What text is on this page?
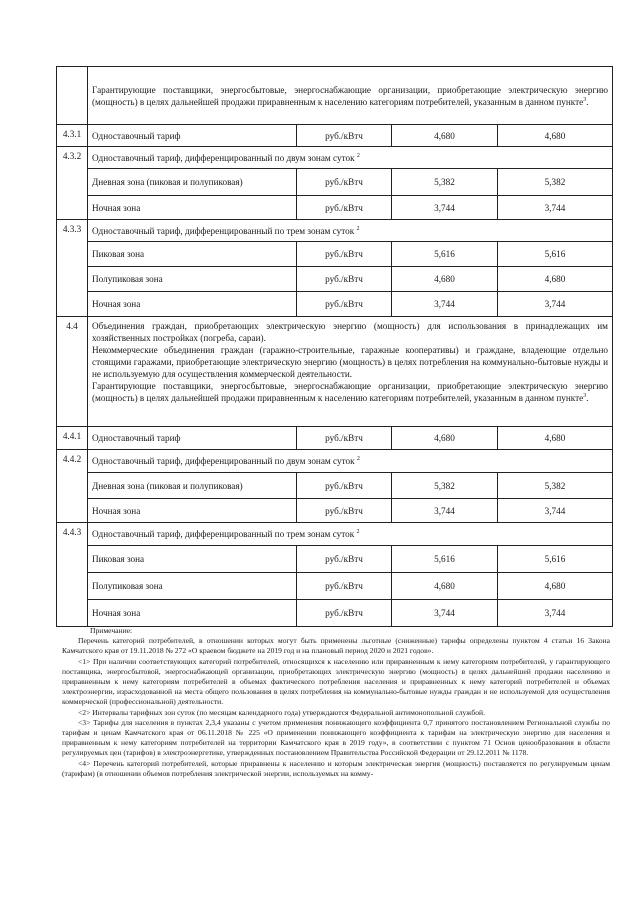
	Гарантирующие поставщики, энергосбытовые, энергоснабжающие организации, приобретающие электрическую энергию (мощность) в целях дальнейшей продажи приравненным к населению категориям потребителей, указанным в данном пункте$^3$.			
4.3.1	Одноставочный тариф	руб./кВтч	4,680	4,680
4.3.2	Одноставочный тариф, дифференцированный по двум зонам суток $^2$
	Дневная зона (пиковая и полупиковая)	руб./кВтч	5,382	5,382
	Ночная зона	руб./кВтч	3,744	3,744
4.3.3	Одноставочный тариф, дифференцированный по трем зонам суток $^2$
	Пиковая зона	руб./кВтч	5,616	5,616
	Полупиковая зона	руб./кВтч	4,680	4,680
	Ночная зона	руб./кВтч	3,744	3,744
4.4	Объединения граждан, приобретающих электрическую энергию (мощность) для использования в принадлежащих им хозяйственных постройках (погреба, сараи).
Некоммерческие объединения граждан (гаражно-строительные, гаражные кооперативы) и граждане, владеющие отдельно стоящими гаражами, приобретающие электрическую энергию (мощность) в целях потребления на коммунально-бытовые нужды и не используемую для осуществления коммерческой деятельности.
Гарантирующие поставщики, энергосбытовые, энергоснабжающие организации, приобретающие электрическую энергию (мощность) в целях дальнейшей продажи приравненным к населению категориям потребителей, указанным в данном пункте$^3$.			

4.4.1	Одноставочный тариф	руб./кВтч	4,680	4,680
4.4.2	Одноставочный тариф, дифференцированный по двум зонам суток $^2$
	Дневная зона (пиковая и полупиковая)	руб./кВтч	5,382	5,382
	Ночная зона	руб./кВтч	3,744	3,744
4.4.3	Одноставочный тариф, дифференцированный по трем зонам суток $^2$
	Пиковая зона	руб./кВтч	5,616	5,616
	Полупиковая зона	руб./кВтч	4,680	4,680
	Ночная зона	руб./кВтч	3,744	3,744

Примечание:

Перечень категорий потребителей, в отношении которых могут быть применены льготные (сниженные) тарифы определены пунктом 4 статьи 16 Закона Камчатского края от 19.11.2018 № 272 «О краевом бюджете на 2019 год и на плановый период 2020 и 2021 годов».

<1> При наличии соответствующих категорий потребителей, относящихся к населению или приравненным к нему категориям потребителей, у гарантирующего поставщика, энергосбытовой, энергоснабжающей организации, приобретающих электрическую энергию (мощность) в целях дальнейшей продажи населению и приравненным к нему категориям потребителей в объемах фактического потребления населения и приравненных к нему категорий потребителей и объемах электроэнергии, израсходованной на места общего пользования в целях потребления на коммунально-бытовые нужды граждан и не используемой для осуществления коммерческой (профессиональной) деятельности.

<2> Интервалы тарифных зон суток (по месяцам календарного года) утверждаются Федеральной антимонопольной службой.

<3> Тарифы для населения в пунктах 2,3,4 указаны с учетом применения понижающего коэффициента 0,7 принятого постановлением Региональной службы по тарифам и ценам Камчатского края от 06.11.2018 № 225 «О применении понижающего коэффициента к тарифам на электрическую энергию для населения и приравненным к нему категориям потребителей на территории Камчатского края в 2019 году», в соответствии с пунктом 71 Основ ценообразования в области регулируемых цен (тарифов) в электроэнергетике, утвержденных постановлением Правительства Российской Федерации от 29.12.2011 № 1178.

<4> Перечень категорий потребителей, которые приравнены к населению и которым электрическая энергия (мощность) поставляется по регулируемым ценам (тарифам) (в отношении объемов потребления электрической энергии, используемых на комму-
